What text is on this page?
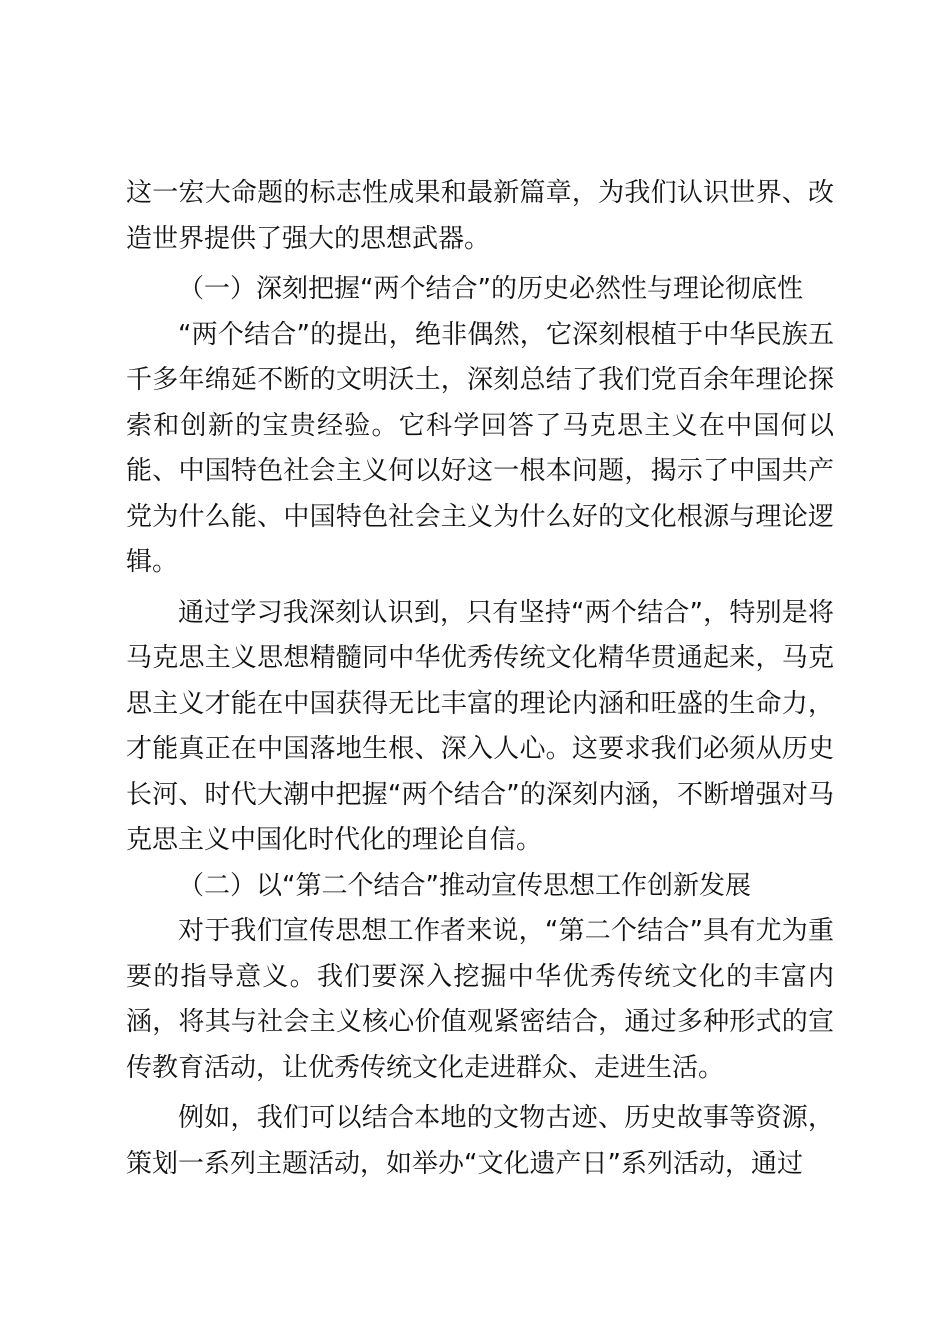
这一宏大命题的标志性成果和最新篇章，为我们认识世界、改造世界提供了强大的思想武器。

（一）深刻把握“两个结合”的历史必然性与理论彻底性

“两个结合”的提出，绝非偶然，它深刻根植于中华民族五千多年绵延不断的文明沃土，深刻总结了我们党百余年理论探索和创新的宝贵经验。它科学回答了马克思主义在中国何以能、中国特色社会主义何以好这一根本问题，揭示了中国共产党为什么能、中国特色社会主义为什么好的文化根源与理论逻辑。

通过学习我深刻认识到，只有坚持“两个结合”，特别是将马克思主义思想精髓同中华优秀传统文化精华贯通起来，马克思主义才能在中国获得无比丰富的理论内涵和旺盛的生命力，才能真正在中国落地生根、深入人心。这要求我们必须从历史长河、时代大潮中把握“两个结合”的深刻内涵，不断增强对马克思主义中国化时代化的理论自信。

（二）以“第二个结合”推动宣传思想工作创新发展

对于我们宣传思想工作者来说，“第二个结合”具有尤为重要的指导意义。我们要深入挖掘中华优秀传统文化的丰富内涵，将其与社会主义核心价值观紧密结合，通过多种形式的宣传教育活动，让优秀传统文化走进群众、走进生活。

例如，我们可以结合本地的文物古迹、历史故事等资源，策划一系列主题活动，如举办“文化遗产日”系列活动，通过
